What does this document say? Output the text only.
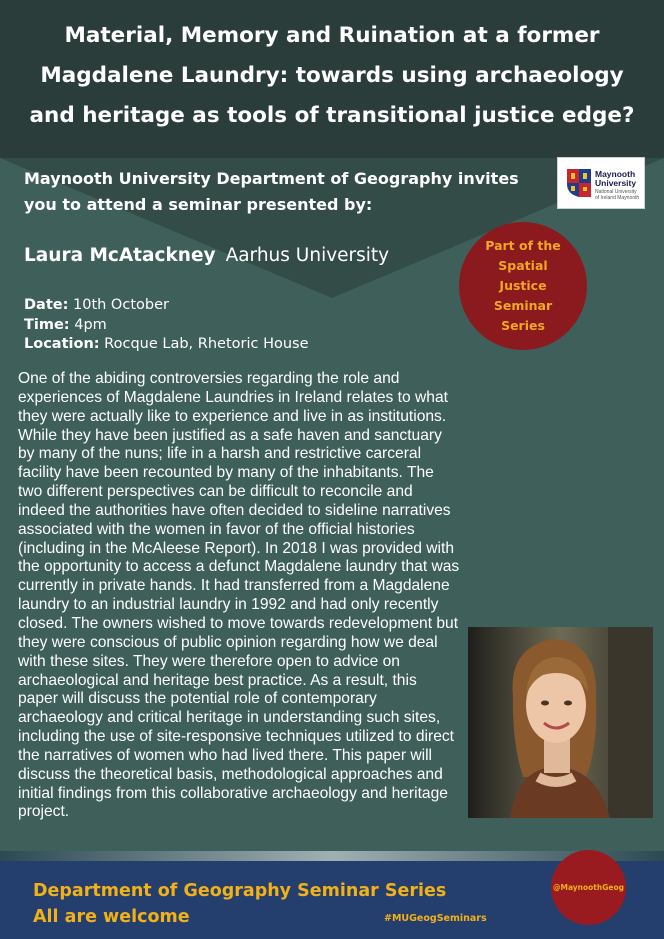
Material, Memory and Ruination at a former
Magdalene Laundry: towards using archaeology
and heritage as tools of transitional justice edge?

Maynooth University Department of Geography invites
you to attend a seminar presented by:

Maynooth
University
National University
of Ireland Maynooth
Laura McAtackney Aarhus University
Date: 10th October
Time: 4pm
Location: Rocque Lab, Rhetoric House
Part of the
Spatial
Justice
Seminar
Series
One of the abiding controversies regarding the role and experiences of Magdalene Laundries in Ireland relates to what they were actually like to experience and live in as institutions. While they have been justified as a safe haven and sanctuary by many of the nuns; life in a harsh and restrictive carceral facility have been recounted by many of the inhabitants. The two different perspectives can be difficult to reconcile and indeed the authorities have often decided to sideline narratives associated with the women in favor of the official histories (including in the McAleese Report). In 2018 I was provided with the opportunity to access a defunct Magdalene laundry that was currently in private hands. It had transferred from a Magdalene laundry to an industrial laundry in 1992 and had only recently closed. The owners wished to move towards redevelopment but they were conscious of public opinion regarding how we deal with these sites. They were therefore open to advice on archaeological and heritage best practice. As a result, this paper will discuss the potential role of contemporary archaeology and critical heritage in understanding such sites, including the use of site-responsive techniques utilized to direct the narratives of women who had lived there. This paper will discuss the theoretical basis, methodological approaches and initial findings from this collaborative archaeology and heritage project.
Department of Geography Seminar Series
All are welcome	#MUGeogSeminars
@MaynoothGeog
